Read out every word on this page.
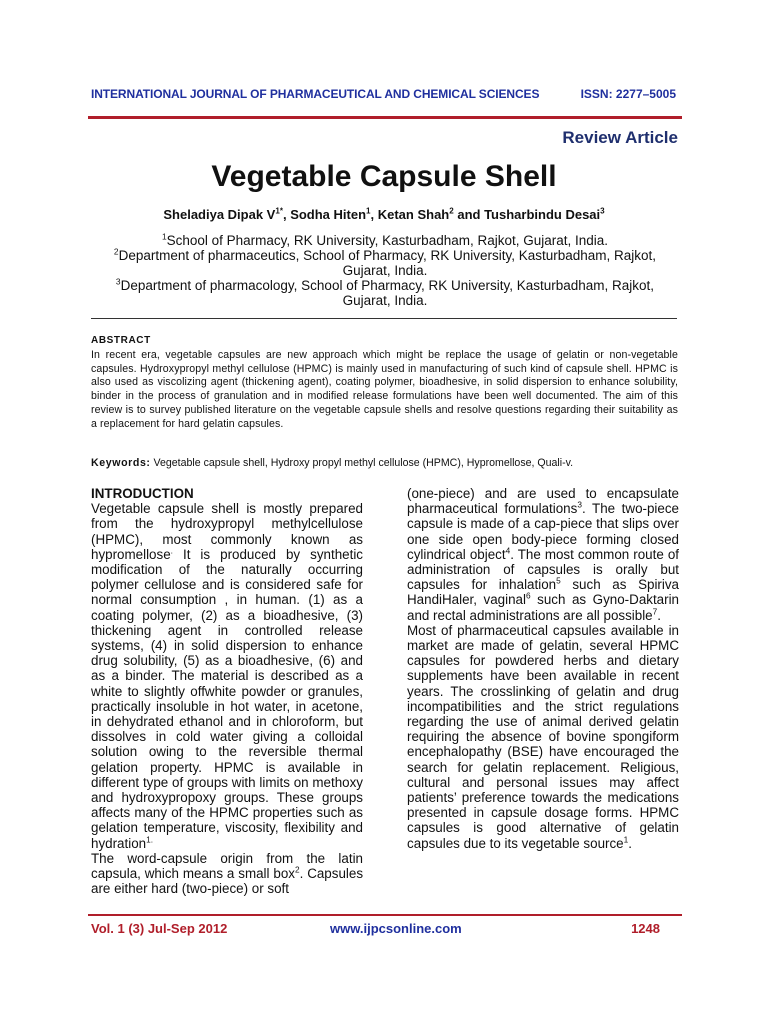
INTERNATIONAL JOURNAL OF PHARMACEUTICAL AND CHEMICAL SCIENCES	ISSN: 2277–5005
Review Article
Vegetable Capsule Shell
Sheladiya Dipak $V^{1*}$, Sodha Hiten$^1$, Ketan Shah$^2$ and Tusharbindu Desai$^3$

$^1$School of Pharmacy, RK University, Kasturbadham, Rajkot, Gujarat, India.

$^2$Department of pharmaceutics, School of Pharmacy, RK University, Kasturbadham, Rajkot, Gujarat, India.

$^3$Department of pharmacology, School of Pharmacy, RK University, Kasturbadham, Rajkot, Gujarat, India.

ABSTRACT
In recent era, vegetable capsules are new approach which might be replace the usage of gelatin or non-vegetable capsules. Hydroxypropyl methyl cellulose (HPMC) is mainly used in manufacturing of such kind of capsule shell. HPMC is also used as viscolizing agent (thickening agent), coating polymer, bioadhesive, in solid dispersion to enhance solubility, binder in the process of granulation and in modified release formulations have been well documented. The aim of this review is to survey published literature on the vegetable capsule shells and resolve questions regarding their suitability as a replacement for hard gelatin capsules.
Keywords: Vegetable capsule shell, Hydroxy propyl methyl cellulose (HPMC), Hypromellose, Quali-v.

INTRODUCTION

Vegetable capsule shell is mostly prepared from the hydroxypropyl methylcellulose (HPMC), most commonly known as hypromellose. It is produced by synthetic modification of the naturally occurring polymer cellulose and is considered safe for normal consumption , in human. (1) as a coating polymer, (2) as a bioadhesive, (3) thickening agent in controlled release systems, (4) in solid dispersion to enhance drug solubility, (5) as a bioadhesive, (6) and as a binder. The material is described as a white to slightly offwhite powder or granules, practically insoluble in hot water, in acetone, in dehydrated ethanol and in chloroform, but dissolves in cold water giving a colloidal solution owing to the reversible thermal gelation property. HPMC is available in different type of groups with limits on methoxy and hydroxypropoxy groups. These groups affects many of the HPMC properties such as gelation temperature, viscosity, flexibility and hydration$^{1.}$

The word-capsule origin from the latin capsula, which means a small box$^2$. Capsules are either hard (two-piece) or soft

(one-piece) and are used to encapsulate pharmaceutical formulations$^3$. The two-piece capsule is made of a cap-piece that slips over one side open body-piece forming closed cylindrical object$^4$. The most common route of administration of capsules is orally but capsules for inhalation$^5$ such as Spiriva HandiHaler, vaginal$^6$ such as Gyno-Daktarin and rectal administrations are all possible$^7$.

Most of pharmaceutical capsules available in market are made of gelatin, several HPMC capsules for powdered herbs and dietary supplements have been available in recent years. The crosslinking of gelatin and drug incompatibilities and the strict regulations regarding the use of animal derived gelatin requiring the absence of bovine spongiform encephalopathy (BSE) have encouraged the search for gelatin replacement. Religious, cultural and personal issues may affect patients’ preference towards the medications presented in capsule dosage forms. HPMC capsules is good alternative of gelatin capsules due to its vegetable source$^1$.

Vol. 1 (3) Jul-Sep 2012	www.ijpcsonline.com	1248
